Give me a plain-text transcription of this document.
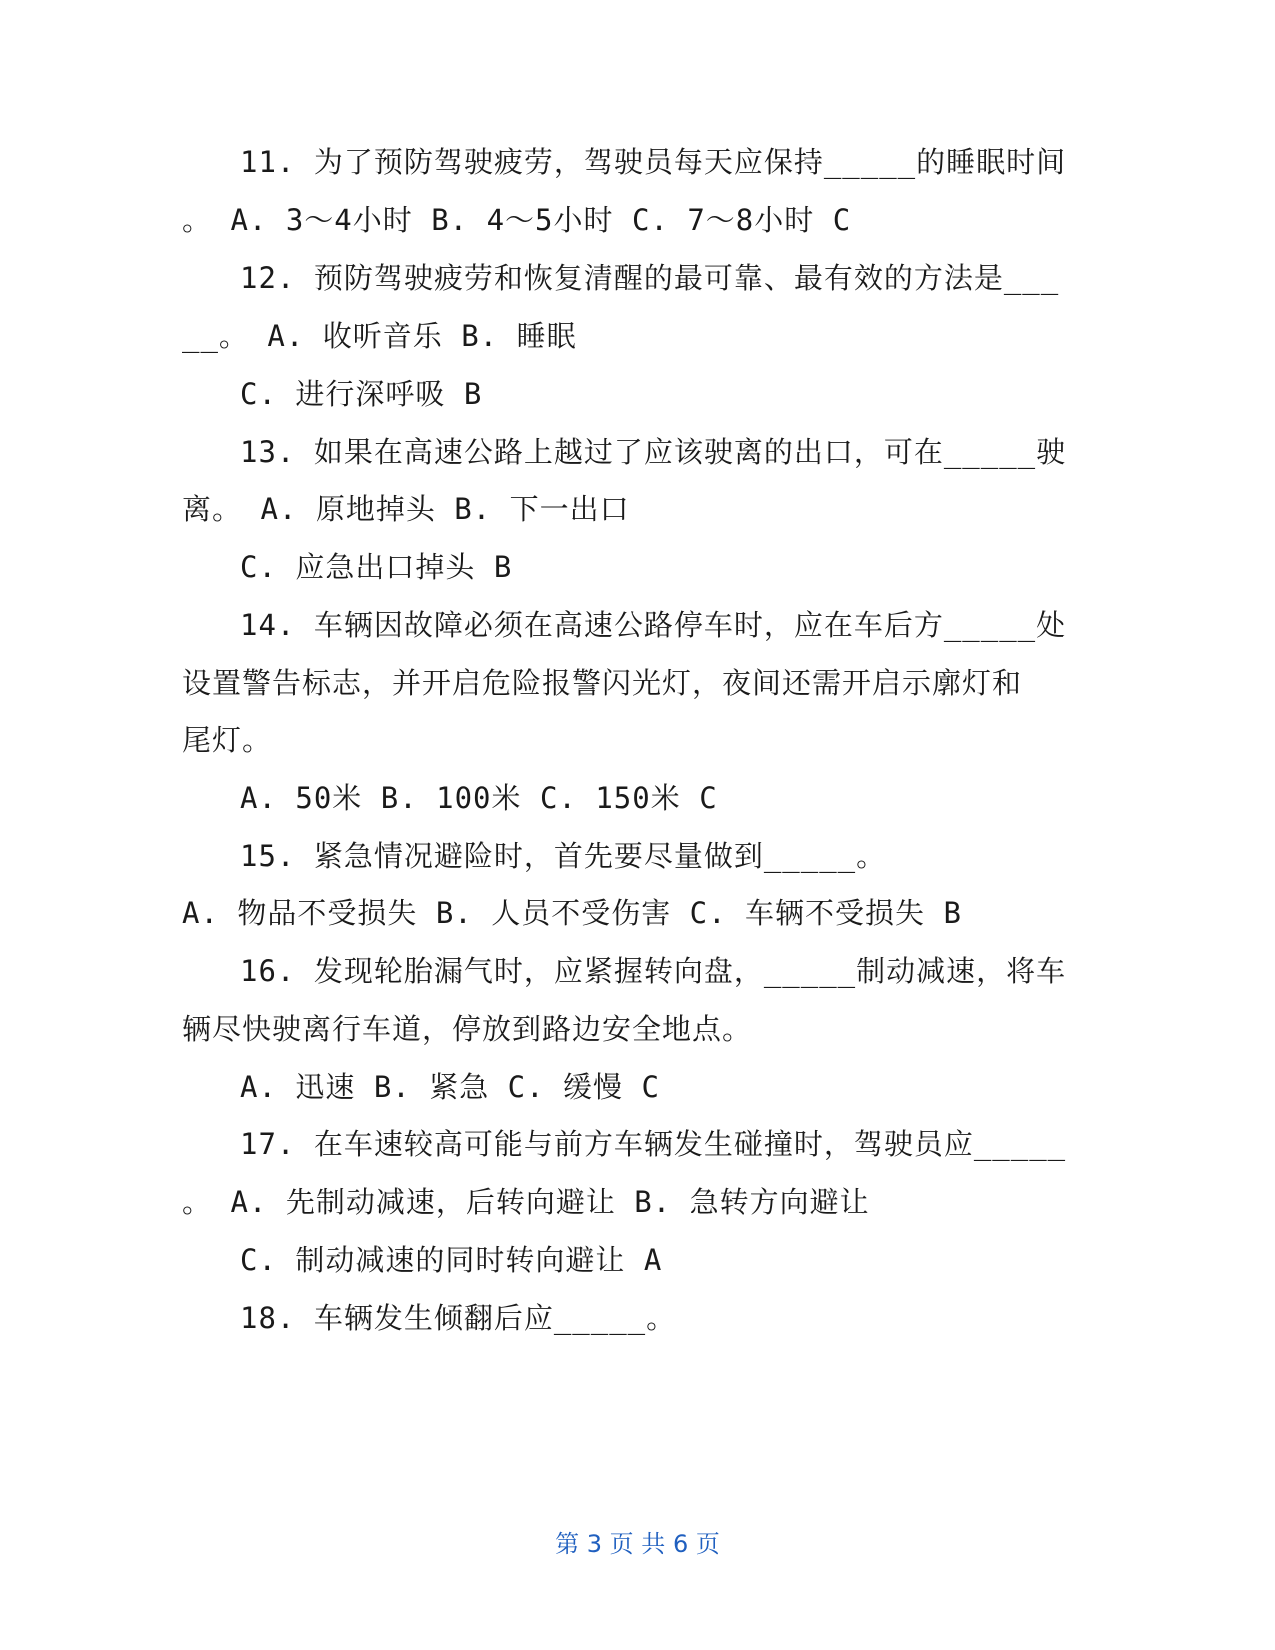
11. 为了预防驾驶疲劳，驾驶员每天应保持_____的睡眠时间
。 A. 3～4小时 B. 4～5小时 C. 7～8小时 C
12. 预防驾驶疲劳和恢复清醒的最可靠、最有效的方法是___
__。 A. 收听音乐 B. 睡眠
C. 进行深呼吸 B
13. 如果在高速公路上越过了应该驶离的出口，可在_____驶
离。 A. 原地掉头 B. 下一出口
C. 应急出口掉头 B
14. 车辆因故障必须在高速公路停车时，应在车后方_____处
设置警告标志，并开启危险报警闪光灯，夜间还需开启示廓灯和
尾灯。
A. 50米 B. 100米 C. 150米 C
15. 紧急情况避险时，首先要尽量做到_____。
A. 物品不受损失 B. 人员不受伤害 C. 车辆不受损失 B
16. 发现轮胎漏气时，应紧握转向盘，_____制动减速，将车
辆尽快驶离行车道，停放到路边安全地点。
A. 迅速 B. 紧急 C. 缓慢 C
17. 在车速较高可能与前方车辆发生碰撞时，驾驶员应_____
。 A. 先制动减速，后转向避让 B. 急转方向避让
C. 制动减速的同时转向避让 A
18. 车辆发生倾翻后应_____。
第 3 页 共 6 页
